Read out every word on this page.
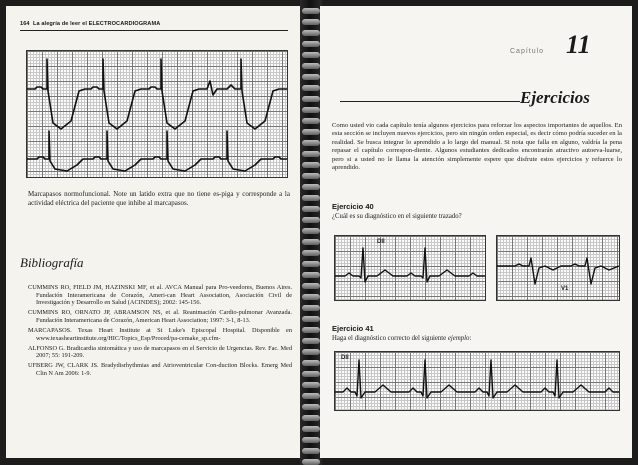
164 La alegría de leer el ELECTROCARDIOGRAMA
Marcapasos normofuncional. Note un latido extra que no tiene es-piga y corresponde a la actividad eléctrica del paciente que inhibe al marcapasos.
Bibliografía

CUMMINS RO, FIELD JM, HAZINSKI MF, et al. AVCA Manual para Pro-veedores, Buenos Aires. Fundación Interamericana de Corazón, Ameri-can Heart Association, Asociación Civil de Investigación y Desarrollo en Salud (ACINDES); 2002: 145-156.

CUMMINS RO, ORNATO JP, ABRAMSON NS, et al. Reanimación Cardio-pulmonar Avanzada. Fundación Interamericana de Corazón, American Heart Association; 1997: 3-1, 8-13.

MARCAPASOS. Texas Heart Institute at St Luke's Episcopal Hospital. Disponible en www.texasheartinstitute.org/HIC/Topics_Esp/Proced/pa-cemake_sp.cfm-

ALFONSO G. Bradicardia sintomática y uso de marcapasos en el Servicio de Urgencias. Rev. Fac. Med 2007; 55: 191-209.

UFBERG JW, CLARK JS. Bradydisrhythmias and Atrioventricular Con-duction Blocks. Emerg Med Clin N Am 2006: 1-9.

Capítulo 11
Ejercicios
Como usted vio cada capítulo tenía algunos ejercicios para reforzar los aspectos importantes de aquellos. En esta sección se incluyen nuevos ejercicios, pero sin ningún orden especial, es decir cómo podría suceder en la realidad. Se busca integrar lo aprendido a lo largo del manual. Si nota que falla en alguno, valdría la pena repasar el capítulo correspon-diente. Algunos estudiantes dedicados encontrarán atractivo autoeva-luarse, pero si a usted no le llama la atención simplemente espere que disfrute estos ejercicios y refuerce lo aprendido.
Ejercicio 40
¿Cuál es su diagnóstico en el siguiente trazado?
DII
V1
Ejercicio 41
Haga el diagnóstico correcto del siguiente ejemplo:
DII
